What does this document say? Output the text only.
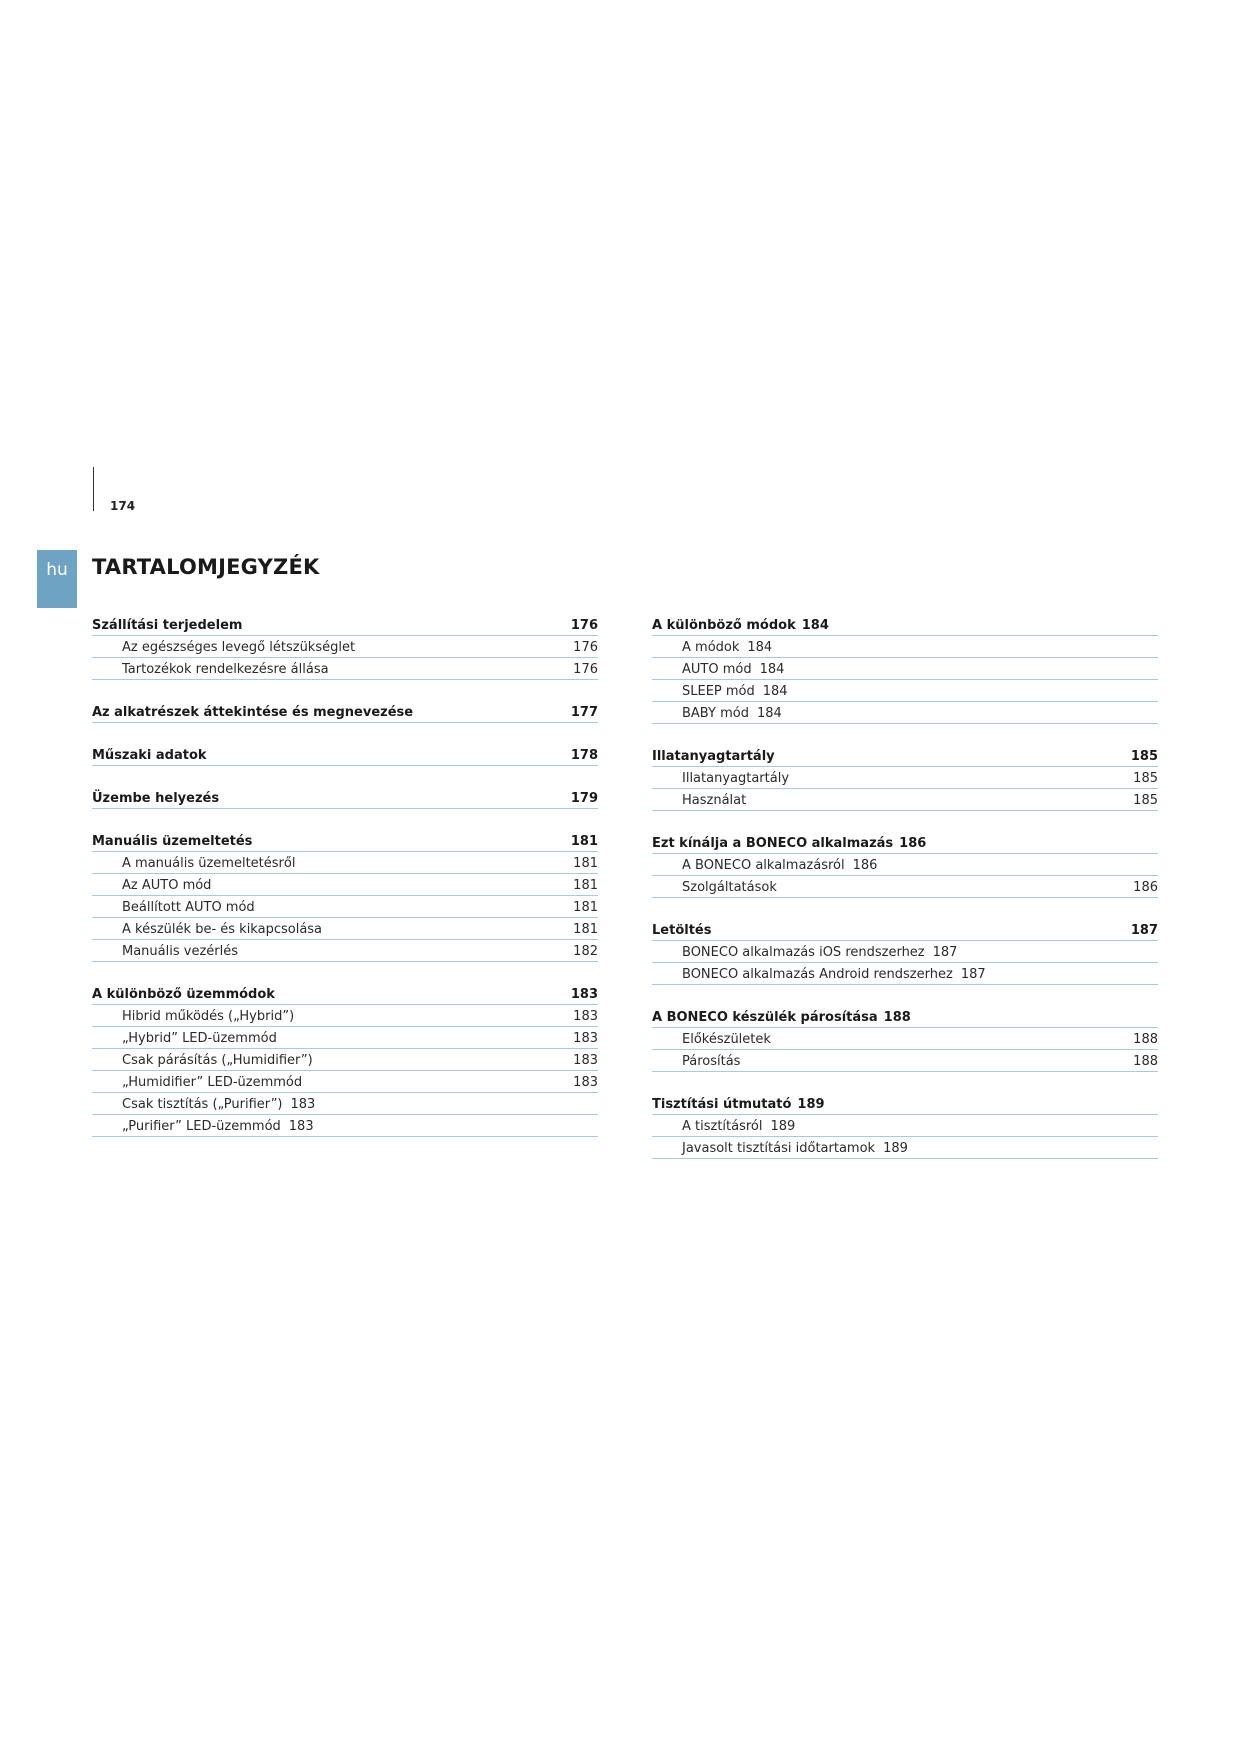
174
hu	TARTALOMJEGYZÉK
Szállítási terjedelem	176
Az egészséges levegő létszükséglet	176
Tartozékok rendelkezésre állása	176
Az alkatrészek áttekintése és megnevezése	177
Műszaki adatok	178
Üzembe helyezés	179
Manuális üzemeltetés	181
A manuális üzemeltetésről	181
Az AUTO mód	181
Beállított AUTO mód	181
A készülék be- és kikapcsolása	181
Manuális vezérlés	182
A különböző üzemmódok	183
Hibrid működés („Hybrid”)	183
„Hybrid” LED-üzemmód	183
Csak párásítás („Humidifier”)	183
„Humidifier” LED-üzemmód	183
Csak tisztítás („Purifier”) 183
„Purifier” LED-üzemmód 183
A különböző módok 184
A módok 184
AUTO mód 184
SLEEP mód 184
BABY mód 184
Illatanyagtartály	185
Illatanyagtartály	185
Használat	185
Ezt kínálja a BONECO alkalmazás 186
A BONECO alkalmazásról 186
Szolgáltatások	186
Letöltés	187
BONECO alkalmazás iOS rendszerhez 187
BONECO alkalmazás Android rendszerhez 187
A BONECO készülék párosítása 188
Előkészületek	188
Párosítás	188
Tisztítási útmutató 189
A tisztításról 189
Javasolt tisztítási időtartamok 189
